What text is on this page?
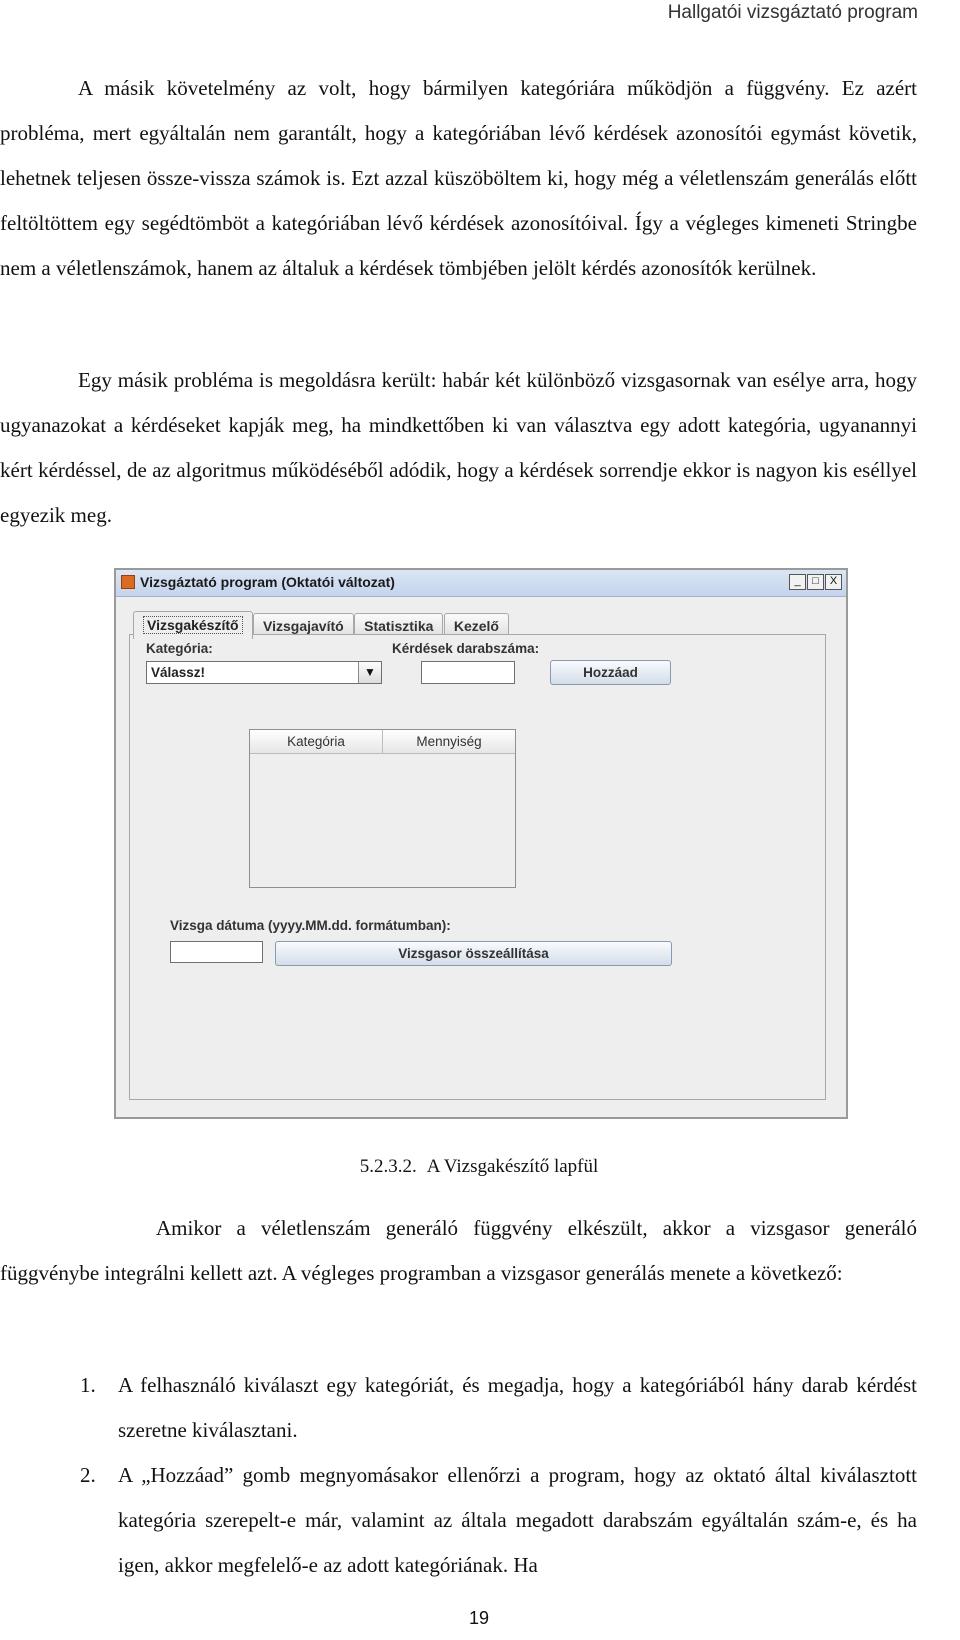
Hallgatói vizsgáztató program
A másik követelmény az volt, hogy bármilyen kategóriára működjön a függvény. Ez azért probléma, mert egyáltalán nem garantált, hogy a kategóriában lévő kérdések azonosítói egymást követik, lehetnek teljesen össze-vissza számok is. Ezt azzal küszöböltem ki, hogy még a véletlenszám generálás előtt feltöltöttem egy segédtömböt a kategóriában lévő kérdések azonosítóival. Így a végleges kimeneti Stringbe nem a véletlenszámok, hanem az általuk a kérdések tömbjében jelölt kérdés azonosítók kerülnek.
Egy másik probléma is megoldásra került: habár két különböző vizsgasornak van esélye arra, hogy ugyanazokat a kérdéseket kapják meg, ha mindkettőben ki van választva egy adott kategória, ugyanannyi kért kérdéssel, de az algoritmus működéséből adódik, hogy a kérdések sorrendje ekkor is nagyon kis eséllyel egyezik meg.
Vizsgáztató program (Oktatói változat)	_ □ X
Vizsgakészítő Vizsgajavító Statisztika Kezelő
Kategória:
Válassz!	▼
Kérdések darabszáma:
Hozzáad
Kategória	Mennyiség
Vizsga dátuma (yyyy.MM.dd. formátumban):
Vizsgasor összeállítása
5.2.3.2. A Vizsgakészítő lapfül
Amikor a véletlenszám generáló függvény elkészült, akkor a vizsgasor generáló függvénybe integrálni kellett azt. A végleges programban a vizsgasor generálás menete a következő:
1. A felhasználó kiválaszt egy kategóriát, és megadja, hogy a kategóriából hány darab kérdést szeretne kiválasztani.
2. A „Hozzáad” gomb megnyomásakor ellenőrzi a program, hogy az oktató által kiválasztott kategória szerepelt-e már, valamint az általa megadott darabszám egyáltalán szám-e, és ha igen, akkor megfelelő-e az adott kategóriának. Ha
19
